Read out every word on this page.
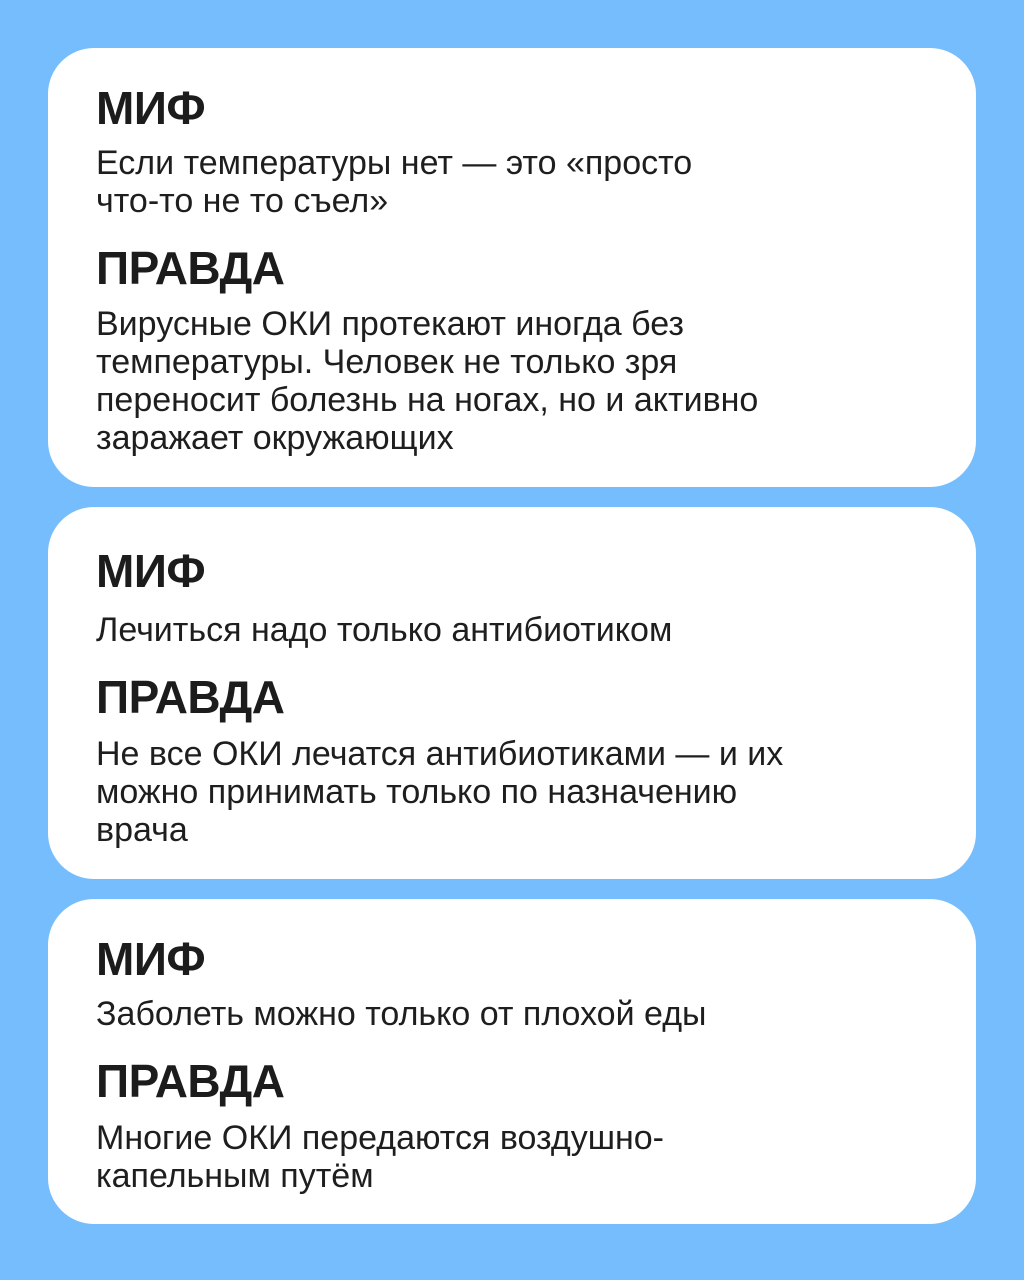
МИФ

Если температуры нет — это «просто
что-то не то съел»

ПРАВДА

Вирусные ОКИ протекают иногда без
температуры. Человек не только зря
переносит болезнь на ногах, но и активно
заражает окружающих

МИФ

Лечиться надо только антибиотиком

ПРАВДА

Не все ОКИ лечатся антибиотиками — и их
можно принимать только по назначению
врача

МИФ

Заболеть можно только от плохой еды

ПРАВДА

Многие ОКИ передаются воздушно-
капельным путём
